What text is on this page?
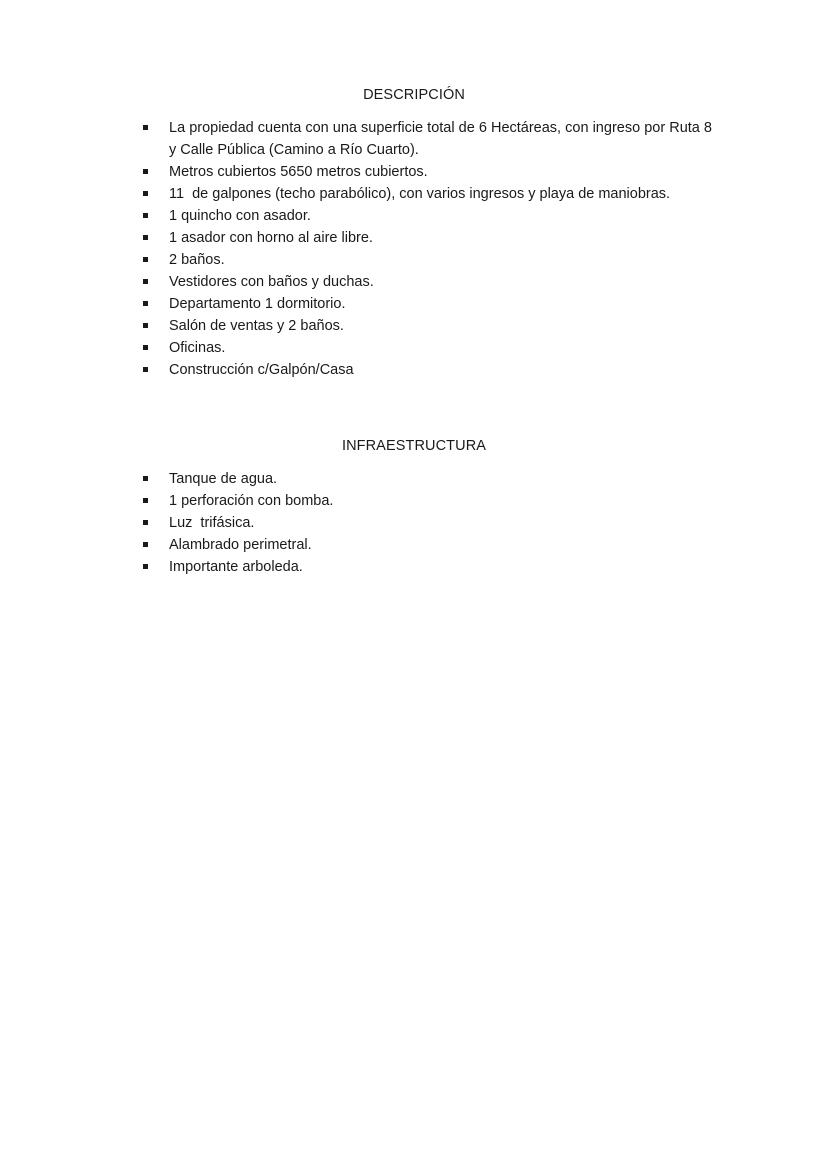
DESCRIPCIÓN
La propiedad cuenta con una superficie total de 6 Hectáreas, con ingreso por Ruta 8 y Calle Pública (Camino a Río Cuarto).
Metros cubiertos 5650 metros cubiertos.
11  de galpones (techo parabólico), con varios ingresos y playa de maniobras.
1 quincho con asador.
1 asador con horno al aire libre.
2 baños.
Vestidores con baños y duchas.
Departamento 1 dormitorio.
Salón de ventas y 2 baños.
Oficinas.
Construcción c/Galpón/Casa
INFRAESTRUCTURA
Tanque de agua.
1 perforación con bomba.
Luz  trifásica.
Alambrado perimetral.
Importante arboleda.
